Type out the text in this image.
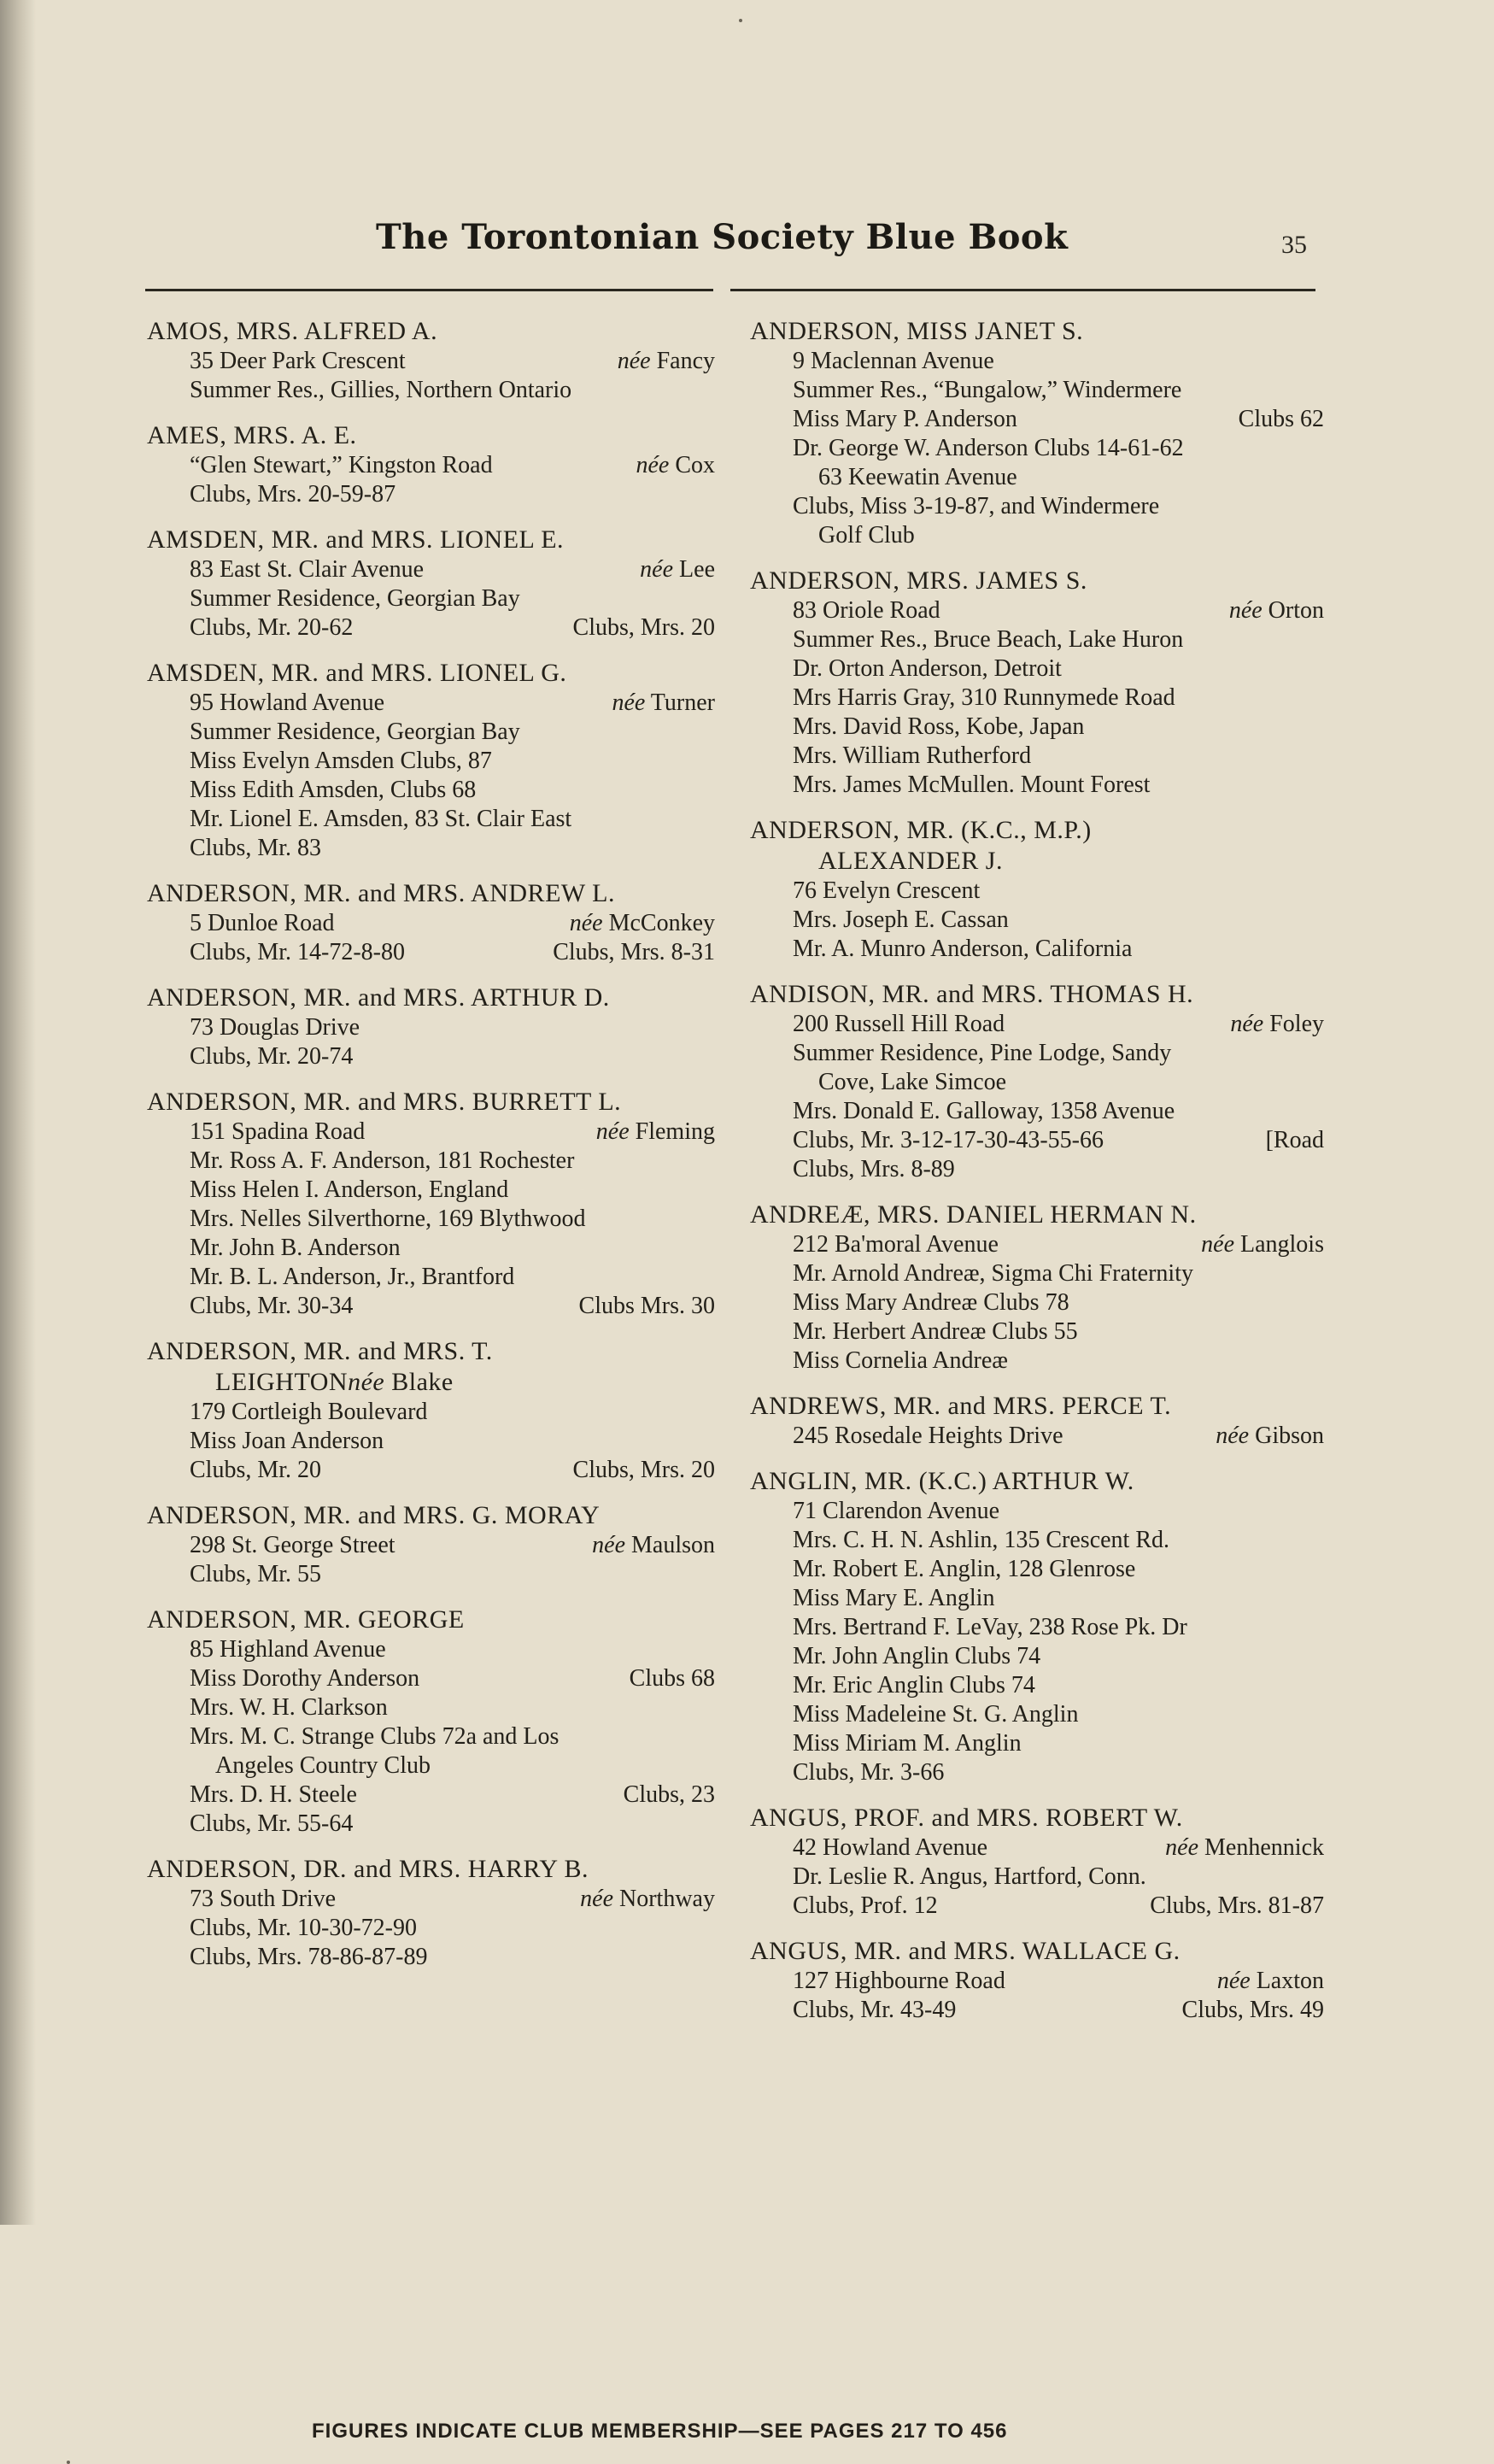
The Torontonian Society Blue Book	35
AMOS, MRS. ALFRED A.
35 Deer Park Crescent	née Fancy
Summer Res., Gillies, Northern Ontario
AMES, MRS. A. E.
“Glen Stewart,” Kingston Road	née Cox
Clubs, Mrs. 20-59-87
AMSDEN, MR. and MRS. LIONEL E.
83 East St. Clair Avenue	née Lee
Summer Residence, Georgian Bay
Clubs, Mr. 20-62	Clubs, Mrs. 20
AMSDEN, MR. and MRS. LIONEL G.
95 Howland Avenue	née Turner
Summer Residence, Georgian Bay
Miss Evelyn Amsden Clubs, 87
Miss Edith Amsden, Clubs 68
Mr. Lionel E. Amsden, 83 St. Clair East
Clubs, Mr. 83
ANDERSON, MR. and MRS. ANDREW L.
5 Dunloe Road	née McConkey
Clubs, Mr. 14-72-8-80	Clubs, Mrs. 8-31
ANDERSON, MR. and MRS. ARTHUR D.
73 Douglas Drive
Clubs, Mr. 20-74
ANDERSON, MR. and MRS. BURRETT L.
151 Spadina Road	née Fleming
Mr. Ross A. F. Anderson, 181 Rochester
Miss Helen I. Anderson, England
Mrs. Nelles Silverthorne, 169 Blythwood
Mr. John B. Anderson
Mr. B. L. Anderson, Jr., Brantford
Clubs, Mr. 30-34	Clubs Mrs. 30
ANDERSON, MR. and MRS. T.
LEIGHTONnée Blake
179 Cortleigh Boulevard
Miss Joan Anderson
Clubs, Mr. 20	Clubs, Mrs. 20
ANDERSON, MR. and MRS. G. MORAY
298 St. George Street	née Maulson
Clubs, Mr. 55
ANDERSON, MR. GEORGE
85 Highland Avenue
Miss Dorothy Anderson	Clubs 68
Mrs. W. H. Clarkson
Mrs. M. C. Strange Clubs 72a and Los
Angeles Country Club
Mrs. D. H. Steele	Clubs, 23
Clubs, Mr. 55-64
ANDERSON, DR. and MRS. HARRY B.
73 South Drive	née Northway
Clubs, Mr. 10-30-72-90
Clubs, Mrs. 78-86-87-89
ANDERSON, MISS JANET S.
9 Maclennan Avenue
Summer Res., “Bungalow,” Windermere
Miss Mary P. Anderson	Clubs 62
Dr. George W. Anderson Clubs 14-61-62
63 Keewatin Avenue
Clubs, Miss 3-19-87, and Windermere
Golf Club
ANDERSON, MRS. JAMES S.
83 Oriole Road	née Orton
Summer Res., Bruce Beach, Lake Huron
Dr. Orton Anderson, Detroit
Mrs Harris Gray, 310 Runnymede Road
Mrs. David Ross, Kobe, Japan
Mrs. William Rutherford
Mrs. James McMullen. Mount Forest
ANDERSON, MR. (K.C., M.P.)
ALEXANDER J.
76 Evelyn Crescent
Mrs. Joseph E. Cassan
Mr. A. Munro Anderson, California
ANDISON, MR. and MRS. THOMAS H.
200 Russell Hill Road	née Foley
Summer Residence, Pine Lodge, Sandy
Cove, Lake Simcoe
Mrs. Donald E. Galloway, 1358 Avenue
Clubs, Mr. 3-12-17-30-43-55-66	[Road
Clubs, Mrs. 8-89
ANDREÆ, MRS. DANIEL HERMAN N.
212 Ba'moral Avenue	née Langlois
Mr. Arnold Andreæ, Sigma Chi Fraternity
Miss Mary Andreæ Clubs 78
Mr. Herbert Andreæ Clubs 55
Miss Cornelia Andreæ
ANDREWS, MR. and MRS. PERCE T.
245 Rosedale Heights Drive	née Gibson
ANGLIN, MR. (K.C.) ARTHUR W.
71 Clarendon Avenue
Mrs. C. H. N. Ashlin, 135 Crescent Rd.
Mr. Robert E. Anglin, 128 Glenrose
Miss Mary E. Anglin
Mrs. Bertrand F. LeVay, 238 Rose Pk. Dr
Mr. John Anglin Clubs 74
Mr. Eric Anglin Clubs 74
Miss Madeleine St. G. Anglin
Miss Miriam M. Anglin
Clubs, Mr. 3-66
ANGUS, PROF. and MRS. ROBERT W.
42 Howland Avenue	née Menhennick
Dr. Leslie R. Angus, Hartford, Conn.
Clubs, Prof. 12	Clubs, Mrs. 81-87
ANGUS, MR. and MRS. WALLACE G.
127 Highbourne Road	née Laxton
Clubs, Mr. 43-49	Clubs, Mrs. 49
FIGURES INDICATE CLUB MEMBERSHIP—SEE PAGES 217 TO 456
